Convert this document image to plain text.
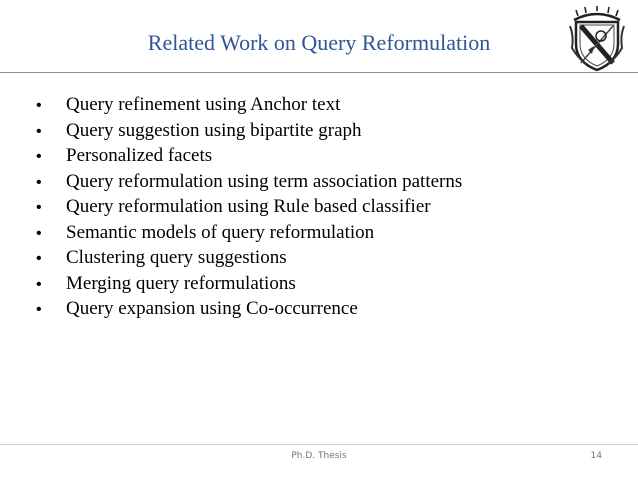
Related Work on Query Reformulation
•	Query refinement using Anchor text
•	Query suggestion using bipartite graph
•	Personalized facets
•	Query reformulation using term association patterns
•	Query reformulation using Rule based classifier
•	Semantic models of query reformulation
•	Clustering query suggestions
•	Merging query reformulations
•	Query expansion using Co-occurrence
Ph.D. Thesis	14
